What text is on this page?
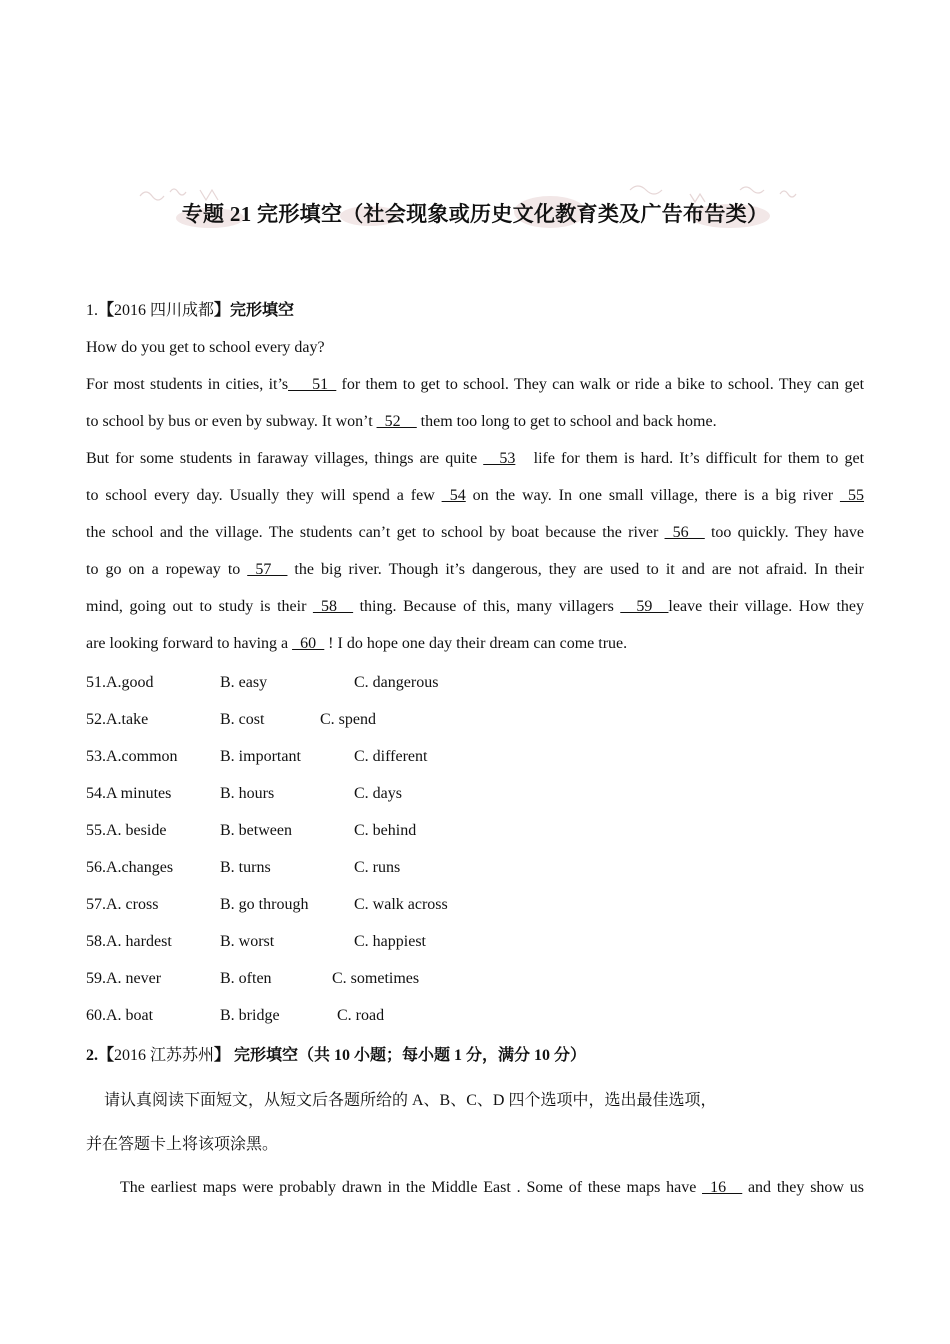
专题 21 完形填空（社会现象或历史文化教育类及广告布告类）
1.【2016 四川成都】完形填空
How do you get to school every day?
For most students in cities, it’s___51_ for them to get to school. They can walk or ride a bike to school. They can get
to school by bus or even by subway. It won’t _52__ them too long to get to school and back home.
But for some students in faraway villages, things are quite __53 life for them is hard. It’s difficult for them to get
to school every day. Usually they will spend a few _54 on the way. In one small village, there is a big river _55
the school and the village. The students can’t get to school by boat because the river _56__ too quickly. They have
to go on a ropeway to _57__ the big river. Though it’s dangerous, they are used to it and are not afraid. In their
mind, going out to study is their _58__ thing. Because of this, many villagers __59__leave their village. How they
are looking forward to having a _60_ ! I do hope one day their dream can come true.
51.A.good	B. easy	C. dangerous
52.A.take	B. cost	C. spend
53.A.common	B. important	C. different
54.A minutes	B. hours	C. days
55.A. beside	B. between	C. behind
56.A.changes	B. turns	C. runs
57.A. cross	B. go through	C. walk across
58.A. hardest	B. worst	C. happiest
59.A. never	B. often	C. sometimes
60.A. boat	B. bridge	C. road
2.【2016 江苏苏州】 完形填空（共 10 小题；每小题 1 分，满分 10 分）
请认真阅读下面短文，从短文后各题所给的 A、B、C、D 四个选项中，选出最佳选项，
并在答题卡上将该项涂黑。
The earliest maps were probably drawn in the Middle East . Some of these maps have _16__ and they show us
